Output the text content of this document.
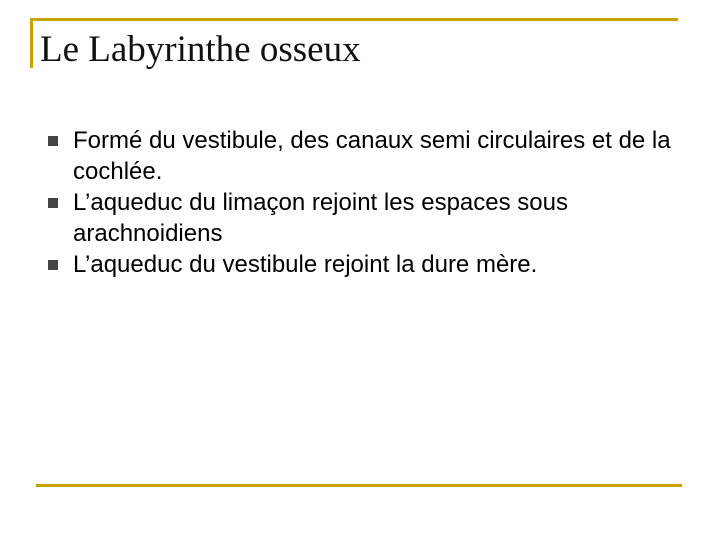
Le Labyrinthe osseux
Formé du vestibule, des canaux semi circulaires et de la cochlée.
L’aqueduc du limaçon rejoint les espaces sous arachnoidiens
L’aqueduc du vestibule rejoint la dure mère.
